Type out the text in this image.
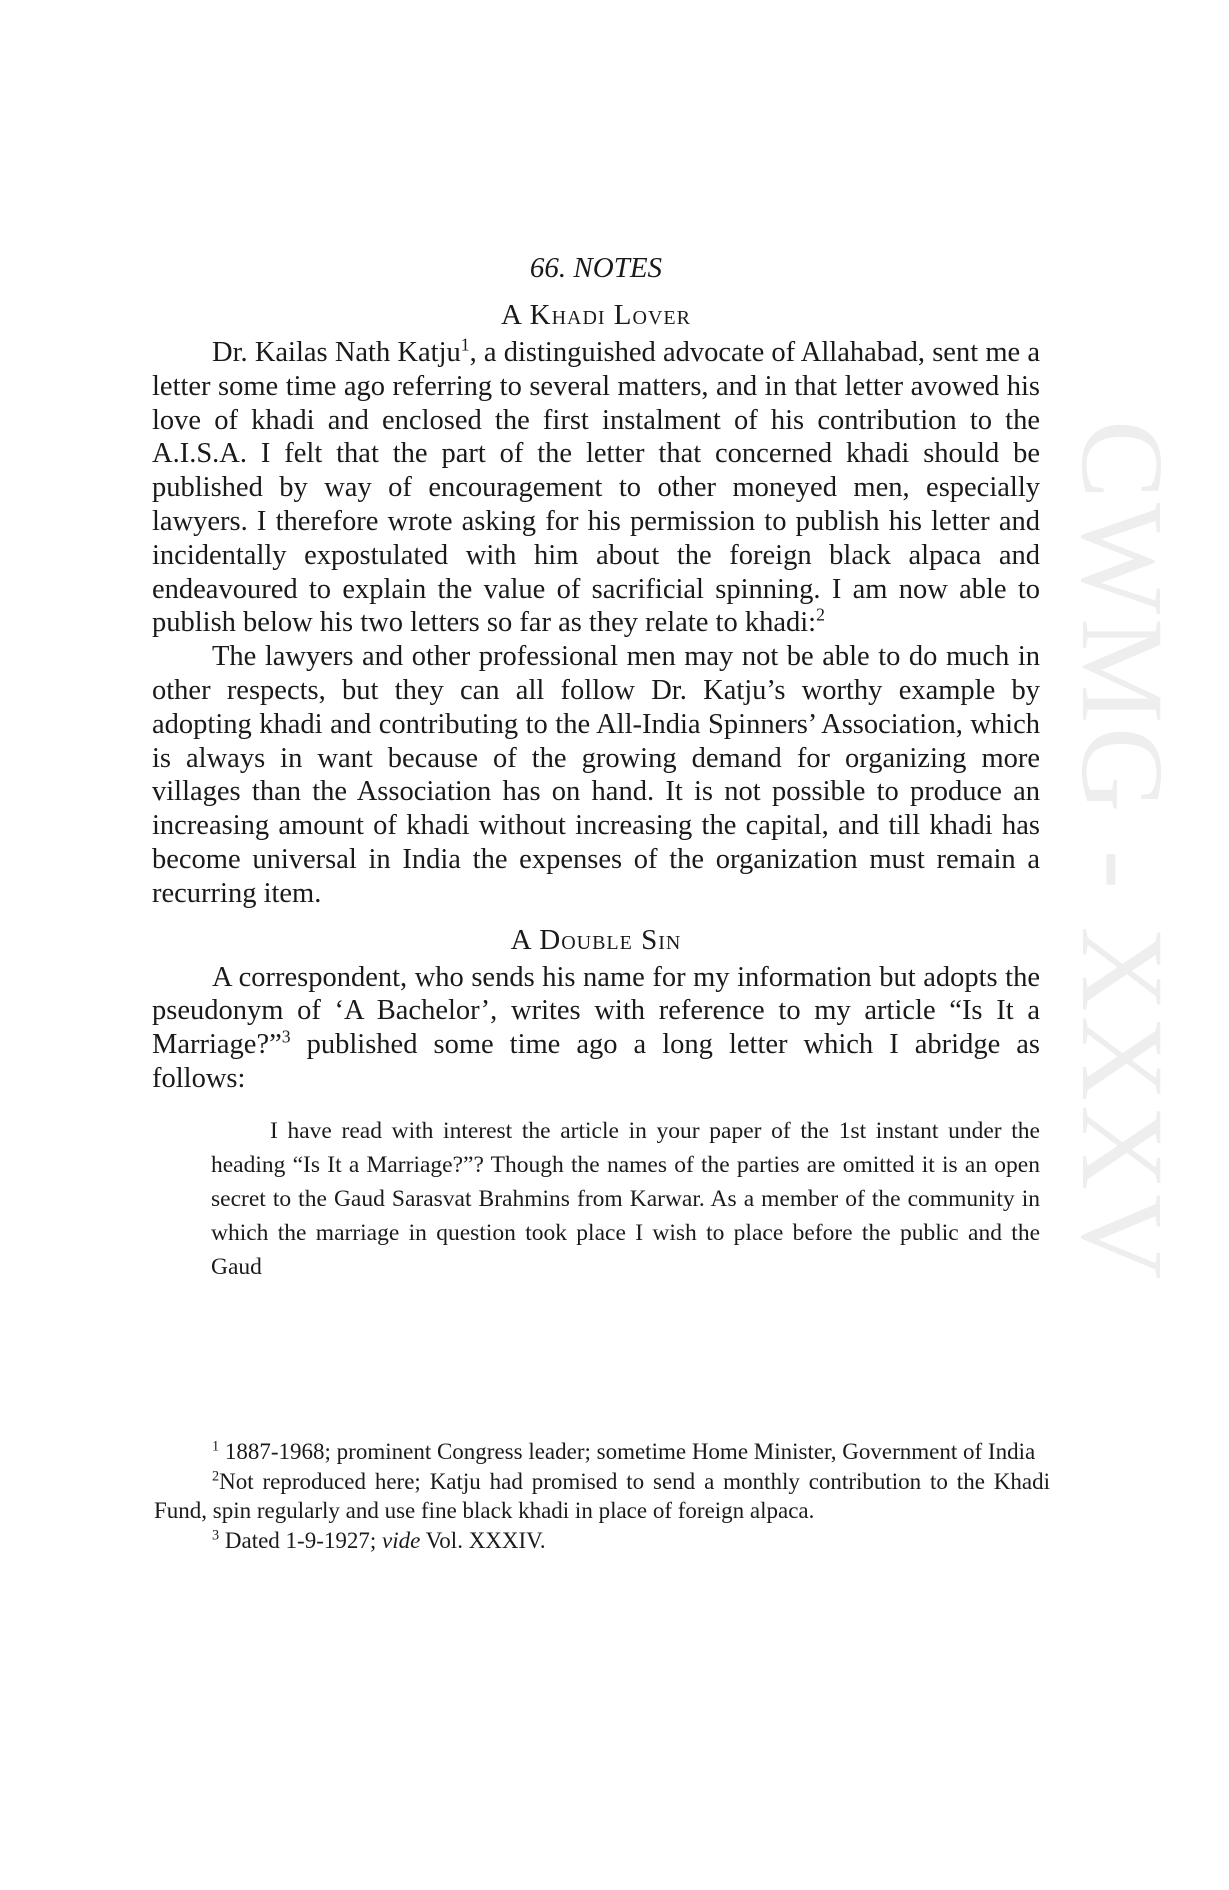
CWMG - XXXV
66. NOTES
A Khadi Lover

Dr. Kailas Nath Katju$^1$, a distinguished advocate of Allahabad, sent me a letter some time ago referring to several matters, and in that letter avowed his love of khadi and enclosed the first instalment of his contribution to the A.I.S.A. I felt that the part of the letter that concerned khadi should be published by way of encouragement to other moneyed men, especially lawyers. I therefore wrote asking for his permission to publish his letter and incidentally expostulated with him about the foreign black alpaca and endeavoured to explain the value of sacrificial spinning. I am now able to publish below his two letters so far as they relate to khadi:$^2$

The lawyers and other professional men may not be able to do much in other respects, but they can all follow Dr. Katju’s worthy example by adopting khadi and contributing to the All-India Spinners’ Association, which is always in want because of the growing demand for organizing more villages than the Association has on hand. It is not possible to produce an increasing amount of khadi without increasing the capital, and till khadi has become universal in India the expenses of the organization must remain a recurring item.

A Double Sin

A correspondent, who sends his name for my information but adopts the pseudonym of ‘A Bachelor’, writes with reference to my article “Is It a Marriage?”$^3$ published some time ago a long letter which I abridge as follows:

I have read with interest the article in your paper of the 1st instant under the heading “Is It a Marriage?”? Though the names of the parties are omitted it is an open secret to the Gaud Sarasvat Brahmins from Karwar. As a member of the community in which the marriage in question took place I wish to place before the public and the Gaud

$^1$ 1887-1968; prominent Congress leader; sometime Home Minister, Government of India

$^2$Not reproduced here; Katju had promised to send a monthly contribution to the Khadi Fund, spin regularly and use fine black khadi in place of foreign alpaca.

$^3$ Dated 1-9-1927; vide Vol. XXXIV.
